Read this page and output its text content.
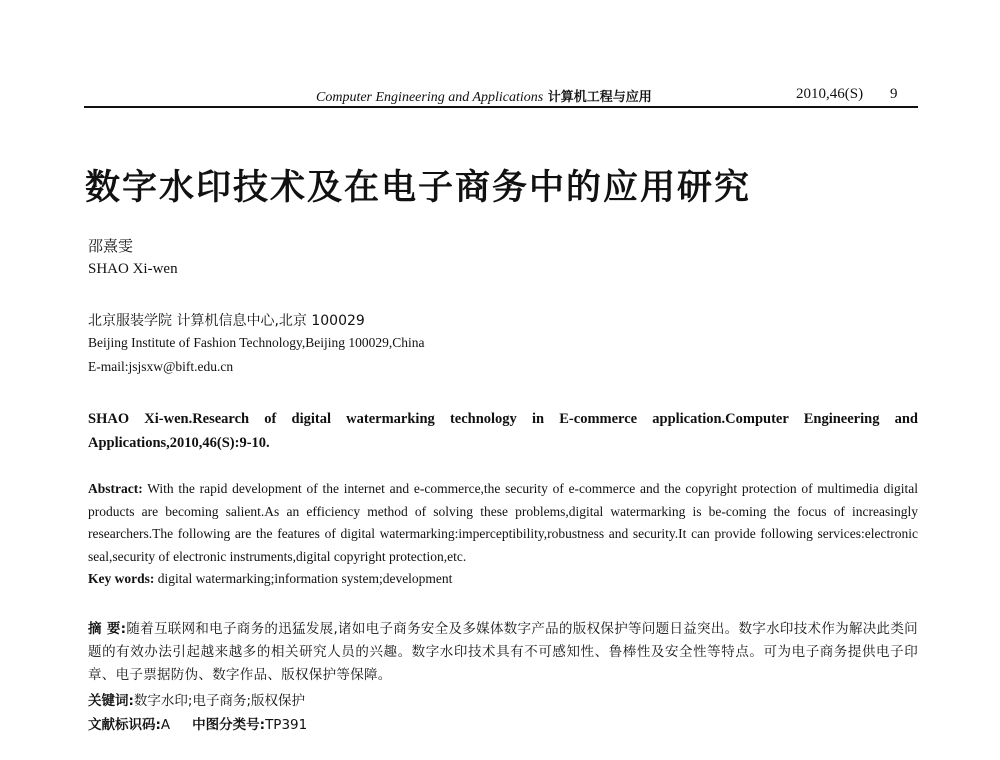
Computer Engineering and Applications 计算机工程与应用	2010,46(S) 9
数字水印技术及在电子商务中的应用研究
邵熹雯
SHAO Xi-wen
北京服装学院 计算机信息中心,北京 100029
Beijing Institute of Fashion Technology,Beijing 100029,China
E-mail:jsjsxw@bift.edu.cn
SHAO Xi-wen.Research of digital watermarking technology in E-commerce application.Computer Engineering and Applications,2010,46(S):9-10.
Abstract: With the rapid development of the internet and e-commerce,the security of e-commerce and the copyright protection of multimedia digital products are becoming salient.As an efficiency method of solving these problems,digital watermarking is be-coming the focus of increasingly researchers.The following are the features of digital watermarking:imperceptibility,robustness and security.It can provide following services:electronic seal,security of electronic instruments,digital copyright protection,etc.
Key words: digital watermarking;information system;development
摘 要:随着互联网和电子商务的迅猛发展,诸如电子商务安全及多媒体数字产品的版权保护等问题日益突出。数字水印技术作为解决此类问题的有效办法引起越来越多的相关研究人员的兴趣。数字水印技术具有不可感知性、鲁棒性及安全性等特点。可为电子商务提供电子印章、电子票据防伪、数字作品、版权保护等保障。
关键词:数字水印;电子商务;版权保护
文献标识码:A 中图分类号:TP391
